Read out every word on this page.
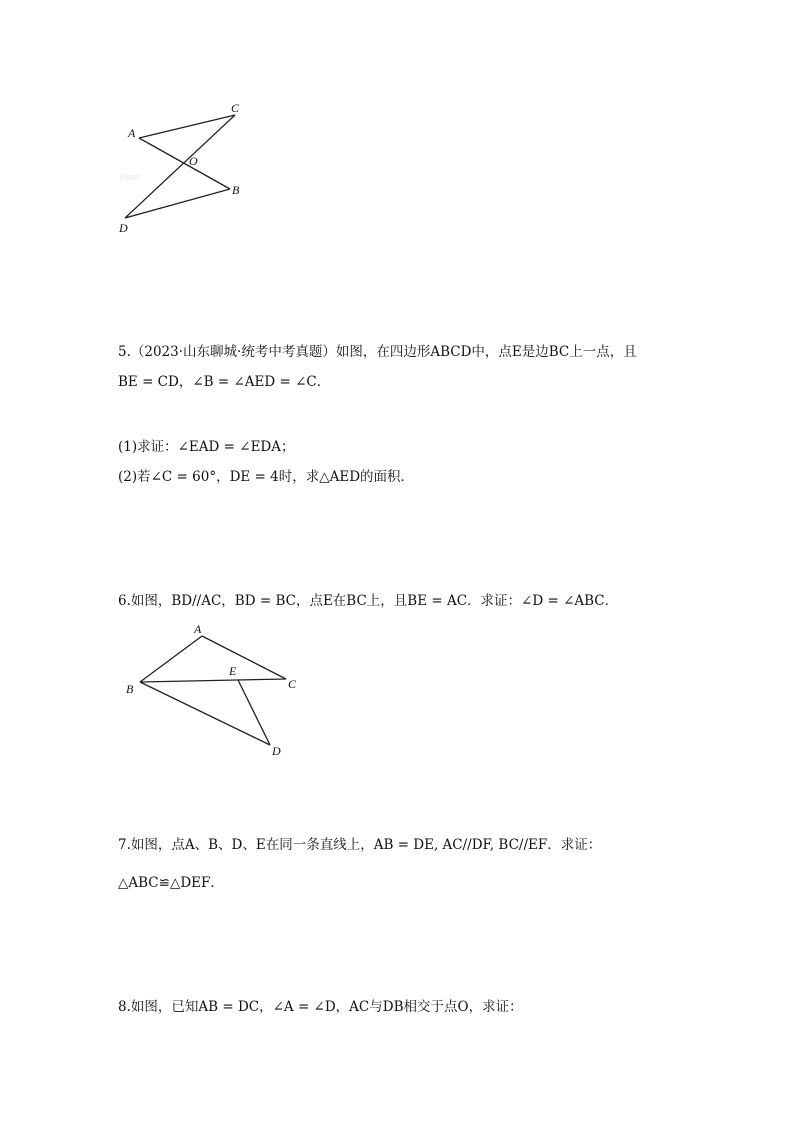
A
C
O
B
D
Figure
5.（2023·山东聊城·统考中考真题）如图，在四边形ABCD中，点E是边BC上一点，且
BE = CD，∠B = ∠AED = ∠C．
(1)求证：∠EAD = ∠EDA；
(2)若∠C = 60°，DE = 4时，求△AED的面积．
6.如图，BD//AC，BD = BC，点E在BC上，且BE = AC．求证：∠D = ∠ABC．
A
E
C
B
D
7.如图，点A、B、D、E在同一条直线上，AB = DE, AC//DF, BC//EF．求证：
△ABC≌△DEF．
8.如图，已知AB = DC，∠A = ∠D，AC与DB相交于点O，求证：
